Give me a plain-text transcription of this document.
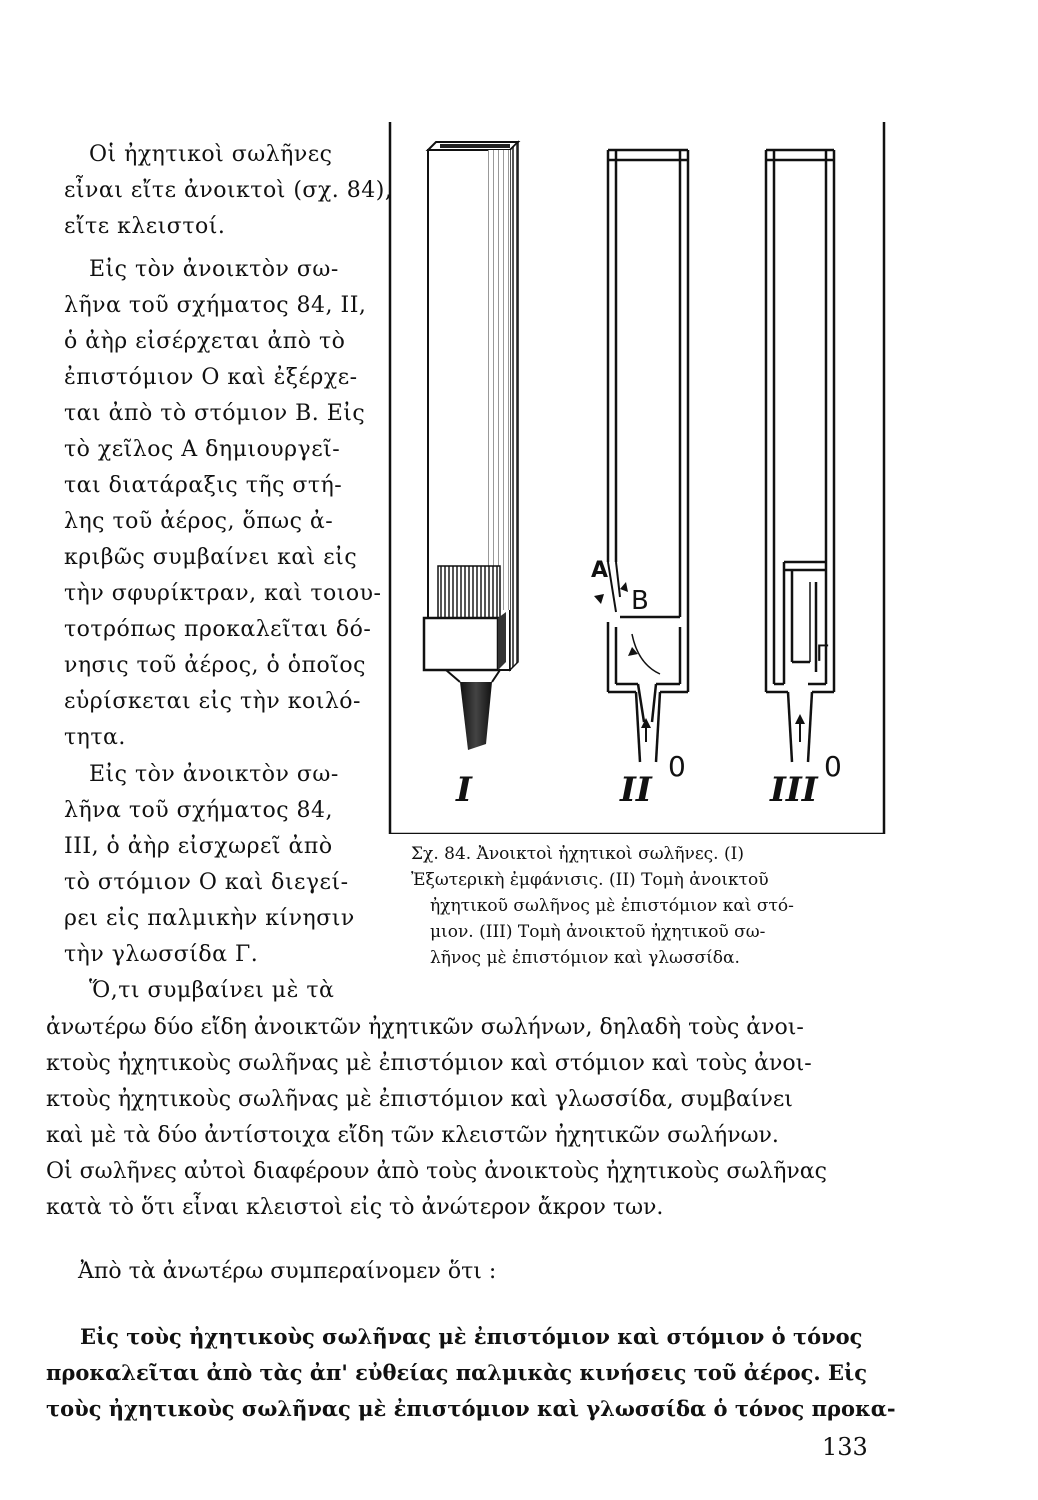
Οἱ ἠχητικοὶ σωλῆνες
εἶναι εἴτε ἀνοικτοὶ (σχ. 84),
εἴτε κλειστοί.
Εἰς τὸν ἀνοικτὸν σω-
λῆνα τοῦ σχήματος 84, II,
ὁ ἀὴρ εἰσέρχεται ἀπὸ τὸ
ἐπιστόμιον Ο καὶ ἐξέρχε-
ται ἀπὸ τὸ στόμιον Β. Εἰς
τὸ χεῖλος Α δημιουργεῖ-
ται διατάραξις τῆς στή-
λης τοῦ ἀέρος, ὅπως ἀ-
κριβῶς συμβαίνει καὶ εἰς
τὴν σφυρίκτραν, καὶ τοιου-
τοτρόπως προκαλεῖται δό-
νησις τοῦ ἀέρος, ὁ ὁποῖος
εὑρίσκεται εἰς τὴν κοιλό-
τητα.
Εἰς τὸν ἀνοικτὸν σω-
λῆνα τοῦ σχήματος 84,
III, ὁ ἀὴρ εἰσχωρεῖ ἀπὸ
τὸ στόμιον Ο καὶ διεγεί-
ρει εἰς παλμικὴν κίνησιν
τὴν γλωσσίδα Γ.
Ὅ,τι συμβαίνει μὲ τὰ
I	II	III
A
B
0	0
Γ
Σχ. 84. Ἀνοικτοὶ ἠχητικοὶ σωλῆνες. (I)
Ἐξωτερικὴ ἐμφάνισις. (II) Τομὴ ἀνοικτοῦ
ἠχητικοῦ σωλῆνος μὲ ἐπιστόμιον καὶ στό-
μιον. (III) Τομὴ ἀνοικτοῦ ἠχητικοῦ σω-
λῆνος μὲ ἐπιστόμιον καὶ γλωσσίδα.
ἀνωτέρω δύο εἴδη ἀνοικτῶν ἠχητικῶν σωλήνων, δηλαδὴ τοὺς ἀνοι-
κτοὺς ἠχητικοὺς σωλῆνας μὲ ἐπιστόμιον καὶ στόμιον καὶ τοὺς ἀνοι-
κτοὺς ἠχητικοὺς σωλῆνας μὲ ἐπιστόμιον καὶ γλωσσίδα, συμβαίνει
καὶ μὲ τὰ δύο ἀντίστοιχα εἴδη τῶν κλειστῶν ἠχητικῶν σωλήνων.
Οἱ σωλῆνες αὐτοὶ διαφέρουν ἀπὸ τοὺς ἀνοικτοὺς ἠχητικοὺς σωλῆνας
κατὰ τὸ ὅτι εἶναι κλειστοὶ εἰς τὸ ἀνώτερον ἄκρον των.
Ἀπὸ τὰ ἀνωτέρω συμπεραίνομεν ὅτι :
Εἰς τοὺς ἠχητικοὺς σωλῆνας μὲ ἐπιστόμιον καὶ στόμιον ὁ τόνος
προκαλεῖται ἀπὸ τὰς ἀπ' εὐθείας παλμικὰς κινήσεις τοῦ ἀέρος. Εἰς
τοὺς ἠχητικοὺς σωλῆνας μὲ ἐπιστόμιον καὶ γλωσσίδα ὁ τόνος προκα-
133
